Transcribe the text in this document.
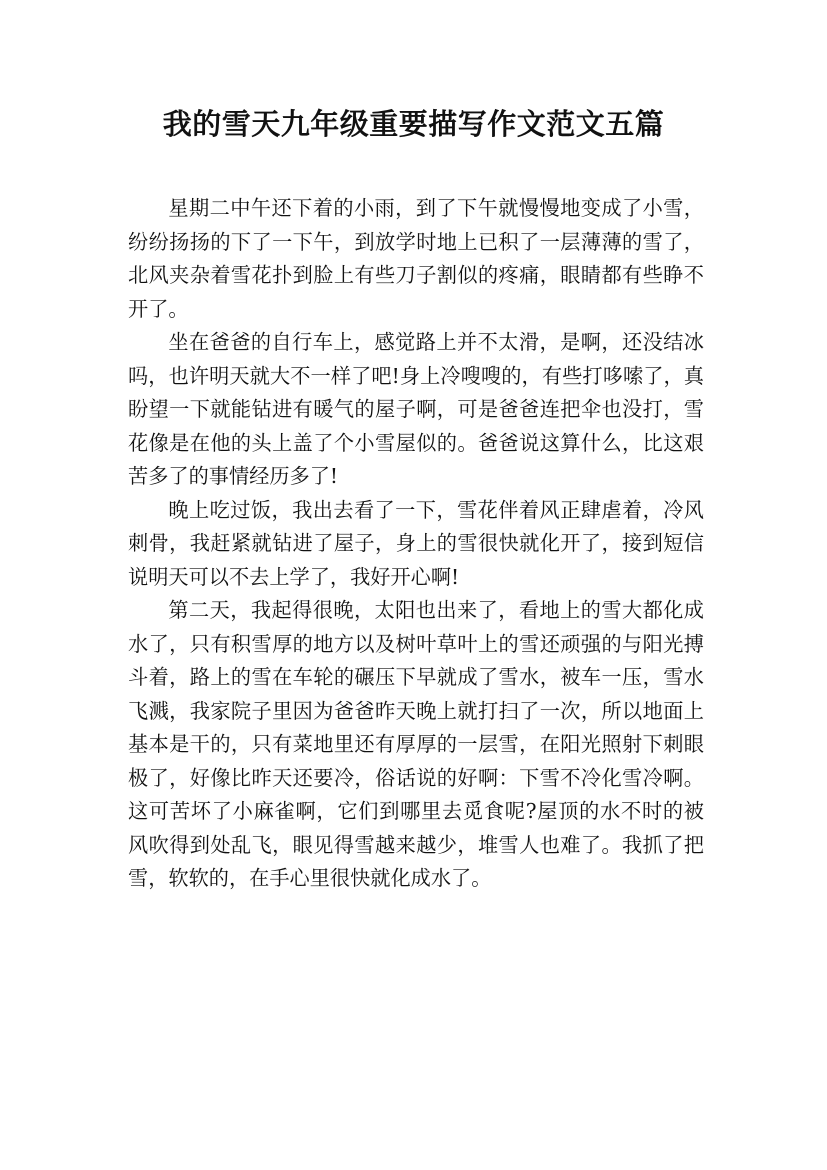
我的雪天九年级重要描写作文范文五篇

星期二中午还下着的小雨，到了下午就慢慢地变成了小雪，纷纷扬扬的下了一下午，到放学时地上已积了一层薄薄的雪了，北风夹杂着雪花扑到脸上有些刀子割似的疼痛，眼睛都有些睁不开了。

坐在爸爸的自行车上，感觉路上并不太滑，是啊，还没结冰吗，也许明天就大不一样了吧!身上冷嗖嗖的，有些打哆嗦了，真盼望一下就能钻进有暖气的屋子啊，可是爸爸连把伞也没打，雪花像是在他的头上盖了个小雪屋似的。爸爸说这算什么，比这艰苦多了的事情经历多了!

晚上吃过饭，我出去看了一下，雪花伴着风正肆虐着，冷风刺骨，我赶紧就钻进了屋子，身上的雪很快就化开了，接到短信说明天可以不去上学了，我好开心啊!

第二天，我起得很晚，太阳也出来了，看地上的雪大都化成水了，只有积雪厚的地方以及树叶草叶上的雪还顽强的与阳光搏斗着，路上的雪在车轮的碾压下早就成了雪水，被车一压，雪水飞溅，我家院子里因为爸爸昨天晚上就打扫了一次，所以地面上基本是干的，只有菜地里还有厚厚的一层雪，在阳光照射下刺眼极了，好像比昨天还要冷，俗话说的好啊：下雪不冷化雪冷啊。这可苦坏了小麻雀啊，它们到哪里去觅食呢?屋顶的水不时的被风吹得到处乱飞，眼见得雪越来越少，堆雪人也难了。我抓了把雪，软软的，在手心里很快就化成水了。
